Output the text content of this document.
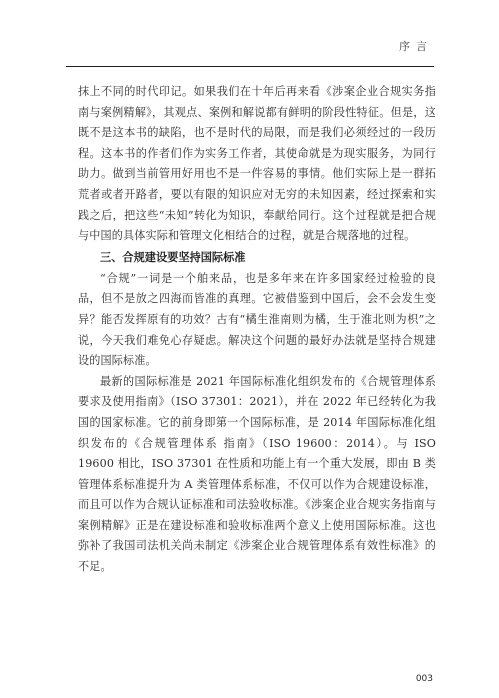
序言

抹上不同的时代印记。如果我们在十年后再来看《涉案企业合规实务指南与案例精解》，其观点、案例和解说都有鲜明的阶段性特征。但是，这既不是这本书的缺陷，也不是时代的局限，而是我们必须经过的一段历程。这本书的作者们作为实务工作者，其使命就是为现实服务，为同行助力。做到当前管用好用也不是一件容易的事情。他们实际上是一群拓荒者或者开路者，要以有限的知识应对无穷的未知因素，经过探索和实践之后，把这些“未知”转化为知识，奉献给同行。这个过程就是把合规与中国的具体实际和管理文化相结合的过程，就是合规落地的过程。

三、合规建设要坚持国际标准

“合规”一词是一个舶来品，也是多年来在许多国家经过检验的良品，但不是放之四海而皆准的真理。它被借鉴到中国后，会不会发生变异？能否发挥原有的功效？古有“橘生淮南则为橘，生于淮北则为枳”之说，今天我们难免心存疑虑。解决这个问题的最好办法就是坚持合规建设的国际标准。

最新的国际标准是 2021 年国际标准化组织发布的《合规管理体系 要求及使用指南》（ISO 37301：2021），并在 2022 年已经转化为我国的国家标准。它的前身即第一个国际标准，是 2014 年国际标准化组织发布的《合规管理体系 指南》（ISO 19600：2014）。与 ISO 19600 相比，ISO 37301 在性质和功能上有一个重大发展，即由 B 类管理体系标准提升为 A 类管理体系标准，不仅可以作为合规建设标准，而且可以作为合规认证标准和司法验收标准。《涉案企业合规实务指南与案例精解》正是在建设标准和验收标准两个意义上使用国际标准。这也弥补了我国司法机关尚未制定《涉案企业合规管理体系有效性标准》的不足。

003
